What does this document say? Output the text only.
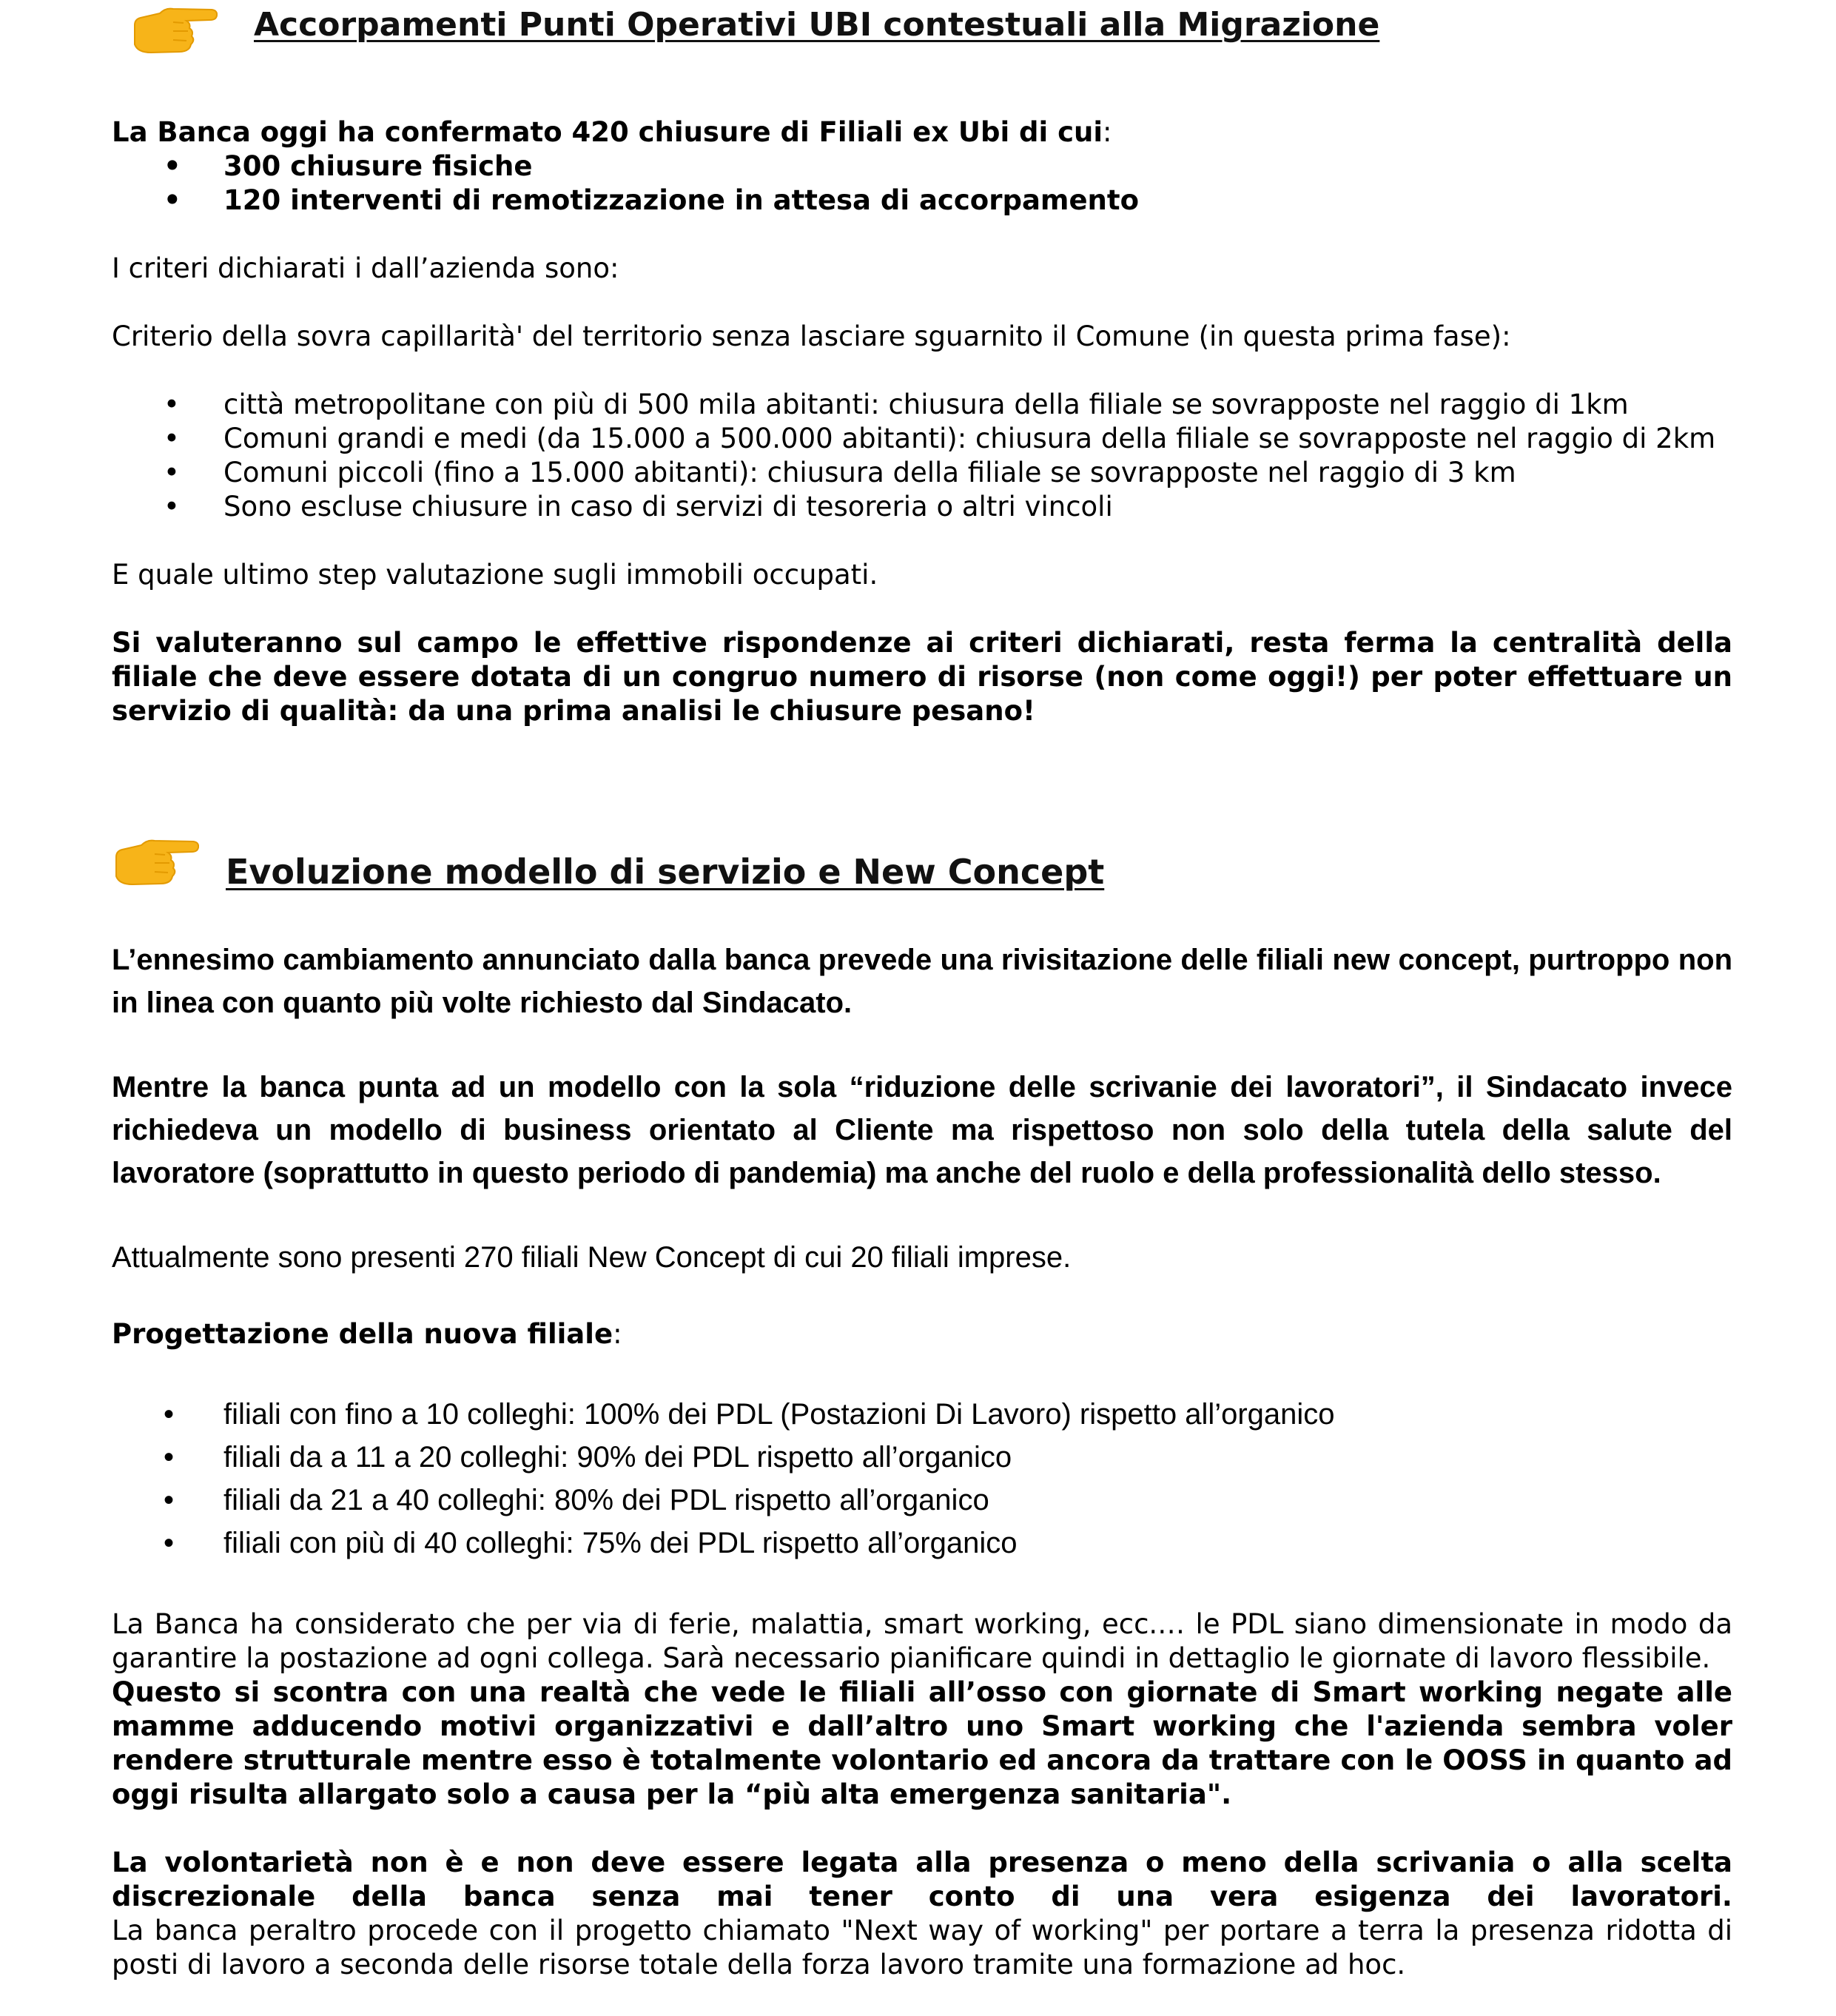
Accorpamenti Punti Operativi UBI contestuali alla Migrazione

La Banca oggi ha confermato 420 chiusure di Filiali ex Ubi di cui:

• 300 chiusure fisiche
• 120 interventi di remotizzazione in attesa di accorpamento

I criteri dichiarati i dall’azienda sono:

Criterio della sovra capillarità' del territorio senza lasciare sguarnito il Comune (in questa prima fase):

• città metropolitane con più di 500 mila abitanti: chiusura della filiale se sovrapposte nel raggio di 1km
• Comuni grandi e medi (da 15.000 a 500.000 abitanti): chiusura della filiale se sovrapposte nel raggio di 2km
• Comuni piccoli (fino a 15.000 abitanti): chiusura della filiale se sovrapposte nel raggio di 3 km
• Sono escluse chiusure in caso di servizi di tesoreria o altri vincoli

E quale ultimo step valutazione sugli immobili occupati.

Si valuteranno sul campo le effettive rispondenze ai criteri dichiarati, resta ferma la centralità della filiale che deve essere dotata di un congruo numero di risorse (non come oggi!) per poter effettuare un servizio di qualità: da una prima analisi le chiusure pesano!

Evoluzione modello di servizio e New Concept

L’ennesimo cambiamento annunciato dalla banca prevede una rivisitazione delle filiali new concept, purtroppo non in linea con quanto più volte richiesto dal Sindacato.

Mentre la banca punta ad un modello con la sola “riduzione delle scrivanie dei lavoratori”, il Sindacato invece richiedeva un modello di business orientato al Cliente ma rispettoso non solo della tutela della salute del lavoratore (soprattutto in questo periodo di pandemia) ma anche del ruolo e della professionalità dello stesso.

Attualmente sono presenti 270 filiali New Concept di cui 20 filiali imprese.

Progettazione della nuova filiale:

• filiali con fino a 10 colleghi: 100% dei PDL (Postazioni Di Lavoro) rispetto all’organico
• filiali da a 11 a 20 colleghi: 90% dei PDL rispetto all’organico
• filiali da 21 a 40 colleghi: 80% dei PDL rispetto all’organico
• filiali con più di 40 colleghi: 75% dei PDL rispetto all’organico

La Banca ha considerato che per via di ferie, malattia, smart working, ecc.… le PDL siano dimensionate in modo da garantire la postazione ad ogni collega. Sarà necessario pianificare quindi in dettaglio le giornate di lavoro flessibile.

Questo si scontra con una realtà che vede le filiali all’osso con giornate di Smart working negate alle mamme adducendo motivi organizzativi e dall’altro uno Smart working che l'azienda sembra voler rendere strutturale mentre esso è totalmente volontario ed ancora da trattare con le OOSS in quanto ad oggi risulta allargato solo a causa per la “più alta emergenza sanitaria".

La volontarietà non è e non deve essere legata alla presenza o meno della scrivania o alla scelta discrezionale della banca senza mai tener conto di una vera esigenza dei lavoratori.

La banca peraltro procede con il progetto chiamato "Next way of working" per portare a terra la presenza ridotta di posti di lavoro a seconda delle risorse totale della forza lavoro tramite una formazione ad hoc.
